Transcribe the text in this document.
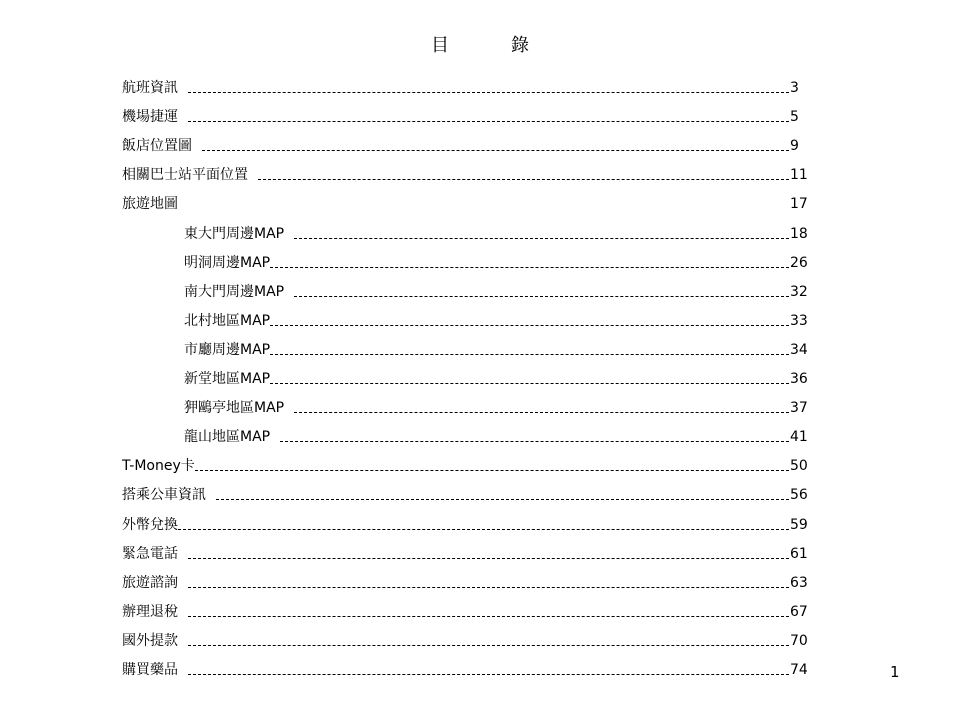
目　錄
航班資訊	3
機場捷運	5
飯店位置圖	9
相關巴士站平面位置	11
旅遊地圖	17
東大門周邊MAP	18
明洞周邊MAP	26
南大門周邊MAP	32
北村地區MAP	33
市廳周邊MAP	34
新堂地區MAP	36
狎鷗亭地區MAP	37
龍山地區MAP	41
T-Money卡	50
搭乘公車資訊	56
外幣兌換	59
緊急電話	61
旅遊諮詢	63
辦理退稅	67
國外提款	70
購買藥品	74	1
